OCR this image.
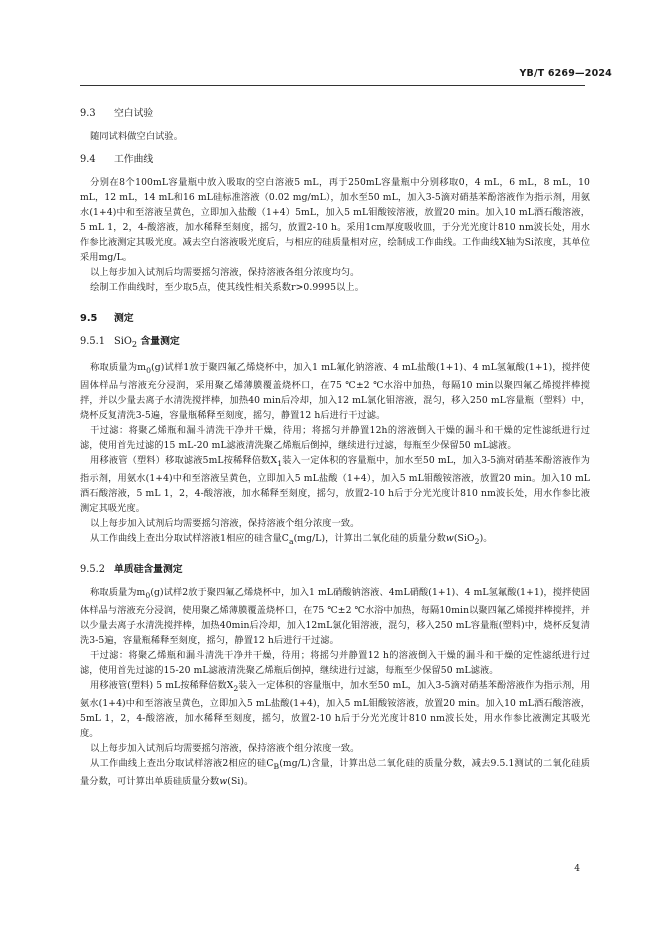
YB/T 6269—2024
9.3 空白试验

随同试料做空白试验。

9.4 工作曲线

分别在8个100mL容量瓶中放入吸取的空白溶液5 mL，再于250mL容量瓶中分别移取0，4 mL，6 mL，8 mL，10 mL，12 mL，14 mL和16 mL硅标准溶液（0.02 mg/mL），加水至50 mL，加入3-5滴对硝基苯酚溶液作为指示剂，用氨水(1+4)中和至溶液呈黄色，立即加入盐酸（1+4）5mL，加入5 mL钼酸铵溶液，放置20 min。加入10 mL酒石酸溶液，5 mL 1，2，4-酸溶液，加水稀释至刻度，摇匀，放置2-10 h。采用1cm厚度吸收皿，于分光光度计810 nm波长处，用水作参比液测定其吸光度。减去空白溶液吸光度后，与相应的硅质量相对应，绘制成工作曲线。工作曲线X轴为Si浓度，其单位采用mg/L。

以上每步加入试剂后均需要摇匀溶液，保持溶液各组分浓度均匀。

绘制工作曲线时，至少取5点，使其线性相关系数r>0.9995以上。

9.5 测定
9.5.1 SiO$_2$ 含量测定

称取质量为$m_0(g)$试样1放于聚四氟乙烯烧杯中，加入1 mL氟化钠溶液、4 mL盐酸(1+1)、4 mL氢氟酸(1+1)，搅拌使固体样品与溶液充分浸润，采用聚乙烯薄膜覆盖烧杯口，在75 ℃±2 ℃水浴中加热，每隔10 min以聚四氟乙烯搅拌棒搅拌，并以少量去离子水清洗搅拌棒，加热40 min后冷却，加入12 mL氯化钼溶液，混匀，移入250 mL容量瓶（塑料）中，烧杯反复清洗3-5遍，容量瓶稀释至刻度，摇匀，静置12 h后进行干过滤。

干过滤：将聚乙烯瓶和漏斗清洗干净并干燥，待用；将摇匀并静置12h的溶液倒入干燥的漏斗和干燥的定性滤纸进行过滤，使用首先过滤的15 mL-20 mL滤液清洗聚乙烯瓶后倒掉，继续进行过滤，每瓶至少保留50 mL滤液。

用移液管（塑料）移取滤液5mL按稀释倍数$X_1$装入一定体积的容量瓶中，加水至50 mL，加入3-5滴对硝基苯酚溶液作为指示剂，用氨水(1+4)中和至溶液呈黄色，立即加入5 mL盐酸（1+4），加入5 mL钼酸铵溶液，放置20 min。加入10 mL酒石酸溶液，5 mL 1，2，4-酸溶液，加水稀释至刻度，摇匀，放置2-10 h后于分光光度计810 nm波长处，用水作参比液测定其吸光度。

以上每步加入试剂后均需要摇匀溶液，保持溶液个组分浓度一致。

从工作曲线上查出分取试样溶液1相应的硅含量$C_a(mg/L)$，计算出二氧化硅的质量分数w(SiO$_2$)。

9.5.2 单质硅含量测定

称取质量为$m_0(g)$试样2放于聚四氟乙烯烧杯中，加入1 mL硝酸钠溶液、4mL硝酸(1+1)、4 mL氢氟酸(1+1)，搅拌使固体样品与溶液充分浸润，使用聚乙烯薄膜覆盖烧杯口，在75 ℃±2 ℃水浴中加热，每隔10min以聚四氟乙烯搅拌棒搅拌，并以少量去离子水清洗搅拌棒，加热40min后冷却，加入12mL氯化钼溶液，混匀，移入250 mL容量瓶(塑料)中，烧杯反复清洗3-5遍，容量瓶稀释至刻度，摇匀，静置12 h后进行干过滤。

干过滤：将聚乙烯瓶和漏斗清洗干净并干燥，待用；将摇匀并静置12 h的溶液倒入干燥的漏斗和干燥的定性滤纸进行过滤，使用首先过滤的15-20 mL滤液清洗聚乙烯瓶后倒掉，继续进行过滤，每瓶至少保留50 mL滤液。

用移液管(塑料) 5 mL按稀释倍数$X_2$装入一定体积的容量瓶中，加水至50 mL，加入3-5滴对硝基苯酚溶液作为指示剂，用氨水(1+4)中和至溶液呈黄色，立即加入5 mL盐酸(1+4)，加入5 mL钼酸铵溶液，放置20 min。加入10 mL酒石酸溶液，5mL 1，2，4-酸溶液，加水稀释至刻度，摇匀，放置2-10 h后于分光光度计810 nm波长处，用水作参比液测定其吸光度。

以上每步加入试剂后均需要摇匀溶液，保持溶液个组分浓度一致。

从工作曲线上查出分取试样溶液2相应的硅$C_B(mg/L)$含量，计算出总二氧化硅的质量分数，减去9.5.1测试的二氧化硅质量分数，可计算出单质硅质量分数w(Si)。

4
